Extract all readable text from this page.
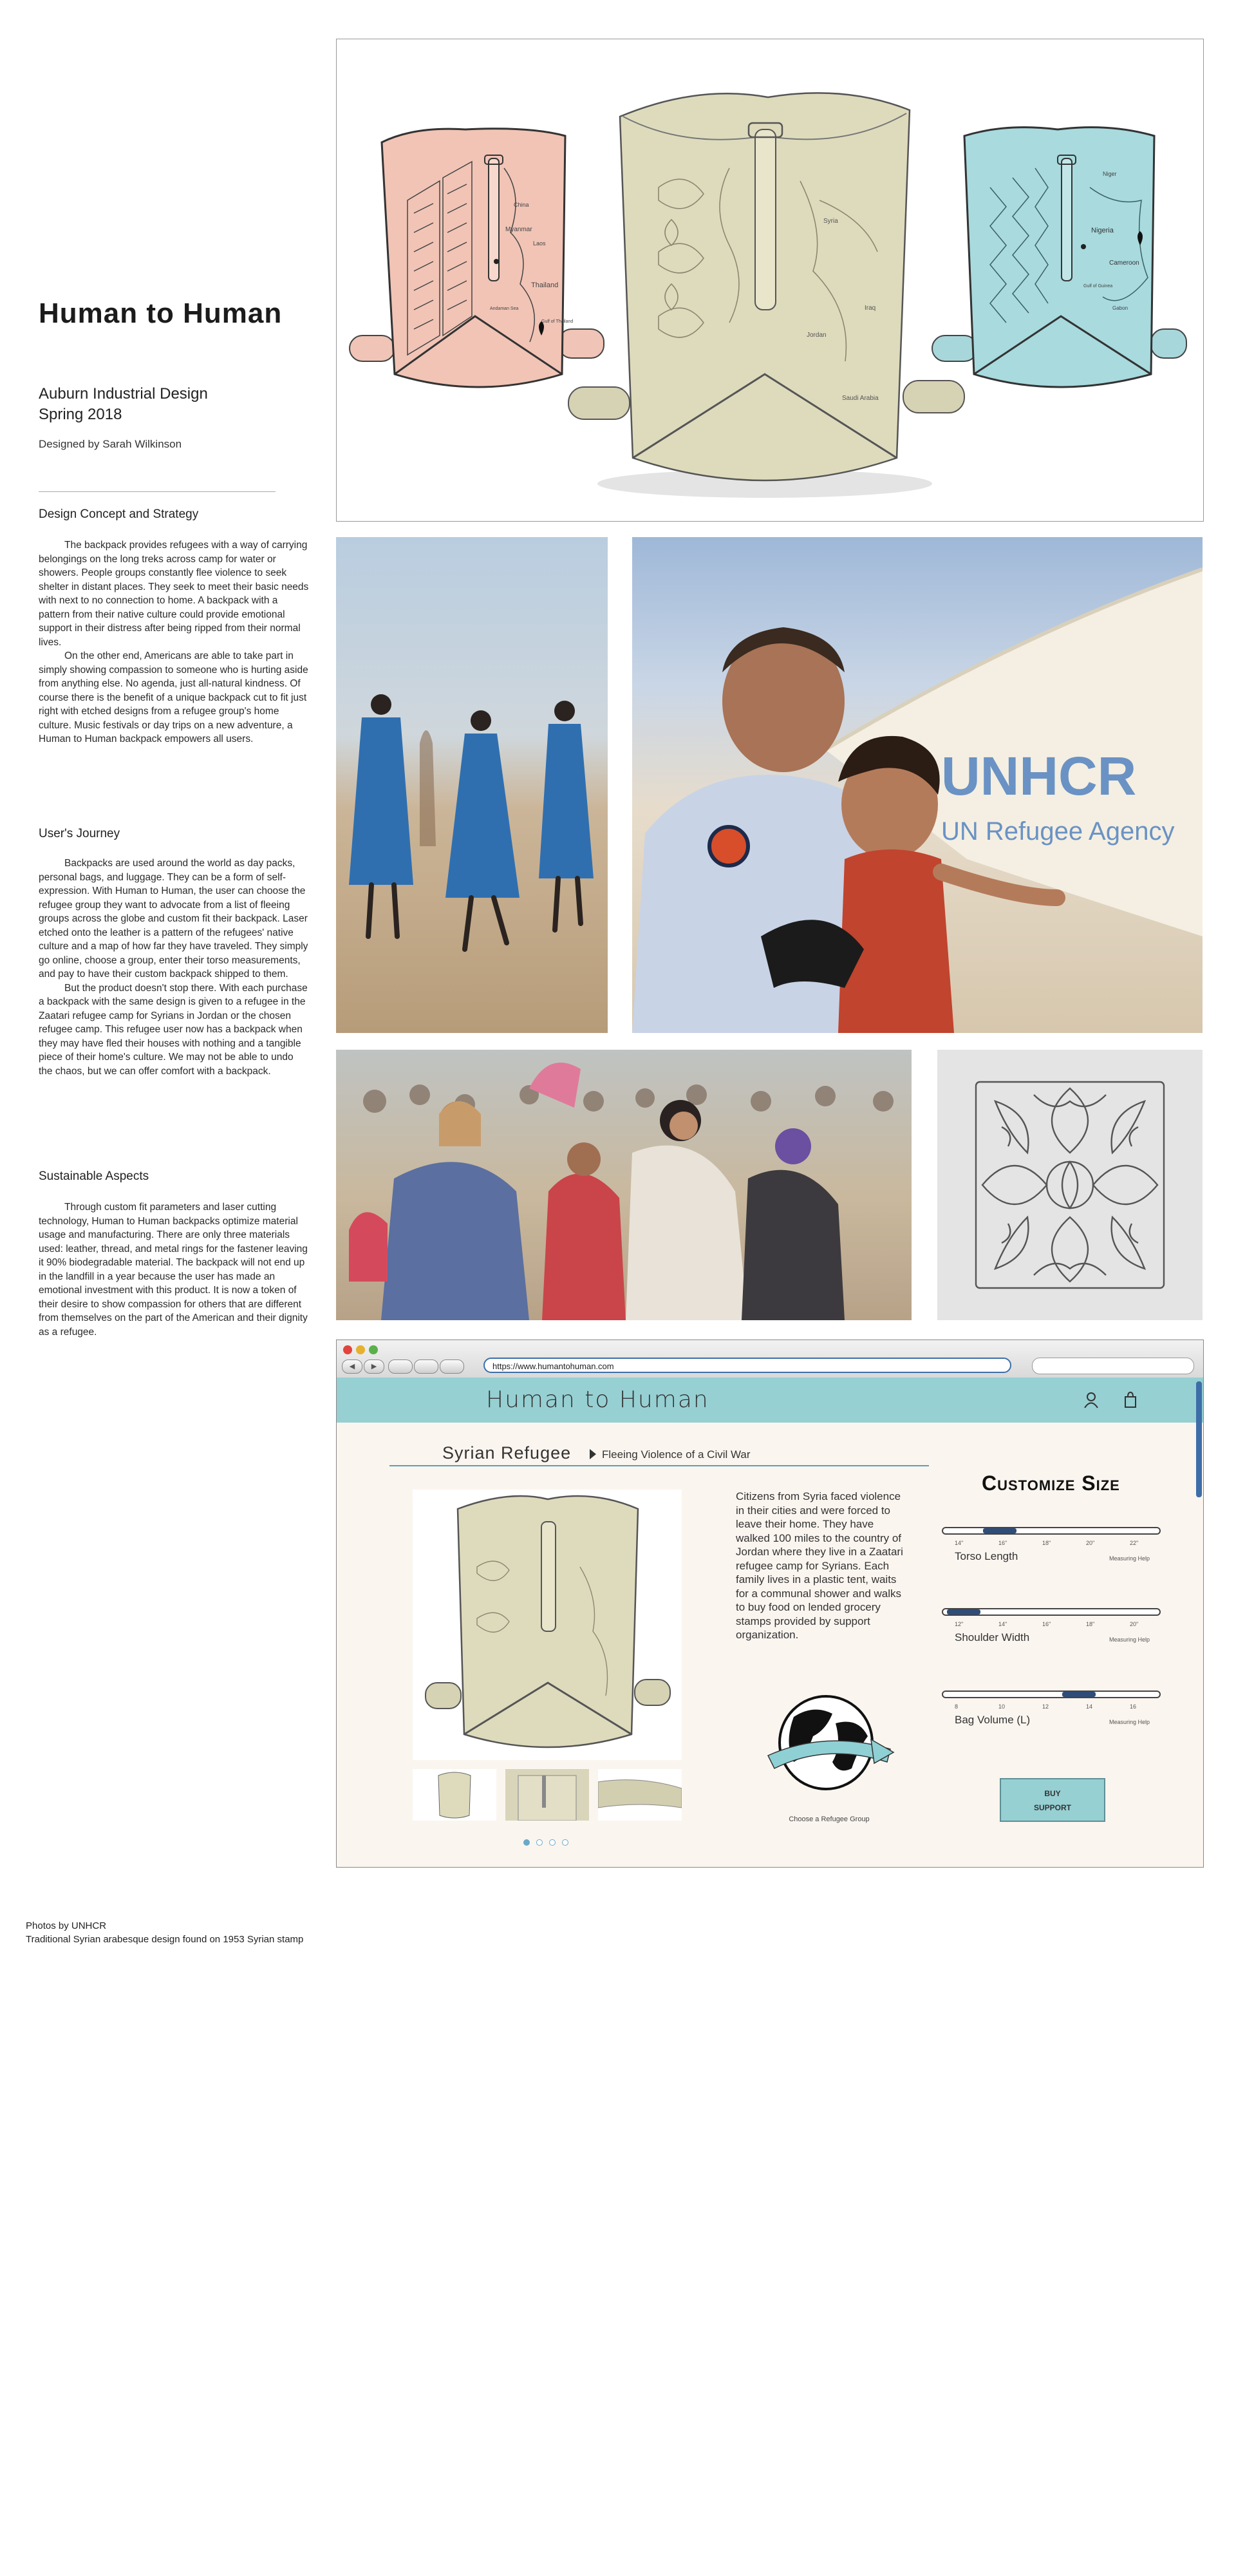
Human to Human
Auburn Industrial Design
Spring 2018
Designed by Sarah Wilkinson
Design Concept and Strategy

The backpack provides refugees with a way of carrying belongings on the long treks across camp for water or showers. People groups constantly flee violence to seek shelter in distant places. They seek to meet their basic needs with next to no connection to home. A backpack with a pattern from their native culture could provide emotional support in their distress after being ripped from their normal lives.

On the other end, Americans are able to take part in simply showing compassion to someone who is hurting aside from anything else. No agenda, just all-natural kindness. Of course there is the benefit of a unique backpack cut to fit just right with etched designs from a refugee group's home culture. Music festivals or day trips on a new adventure, a Human to Human backpack empowers all users.

User's Journey

Backpacks are used around the world as day packs, personal bags, and luggage. They can be a form of self-expression. With Human to Human, the user can choose the refugee group they want to advocate from a list of fleeing groups across the globe and custom fit their backpack. Laser etched onto the leather is a pattern of the refugees' native culture and a map of how far they have traveled. They simply go online, choose a group, enter their torso measurements, and pay to have their custom backpack shipped to them.

But the product doesn't stop there. With each purchase a backpack with the same design is given to a refugee in the Zaatari refugee camp for Syrians in Jordan or the chosen refugee camp. This refugee user now has a backpack when they may have fled their houses with nothing and a tangible piece of their home's culture. We may not be able to undo the chaos, but we can offer comfort with a backpack.

Sustainable Aspects

Through custom fit parameters and laser cutting technology, Human to Human backpacks optimize material usage and manufacturing. There are only three materials used: leather, thread, and metal rings for the fastener leaving it 90% biodegradable material. The backpack will not end up in the landfill in a year because the user has made an emotional investment with this product. It is now a token of their desire to show compassion for others that are different from themselves on the part of the American and their dignity as a refugee.

Photos by UNHCR
Traditional Syrian arabesque design found on 1953 Syrian stamp
China
Myanmar
Laos
Thailand
Andaman Sea
Gulf of Thailand
Syria
Iraq
Jordan
Saudi Arabia
Niger
Nigeria
Cameroon
Gulf of Guinea
Gabon
UNHCR
UN Refugee Agency
◀	▶	https://www.humantohuman.com
Human to Human
Syrian Refugee	Fleeing Violence of a Civil War
Citizens from Syria faced violence in their cities and were forced to leave their home. They have walked 100 miles to the country of Jordan where they live in a Zaatari refugee camp for Syrians. Each family lives in a plastic tent, waits for a communal shower and walks to buy food on lended grocery stamps provided by support organization.
Choose a Refugee Group
Customize Size
14"	16"	18"	20"	22"
Torso Length	Measuring Help
12"	14"	16"	18"	20"
Shoulder Width	Measuring Help
8	10	12	14	16
Bag Volume (L)	Measuring Help
BUY
SUPPORT
